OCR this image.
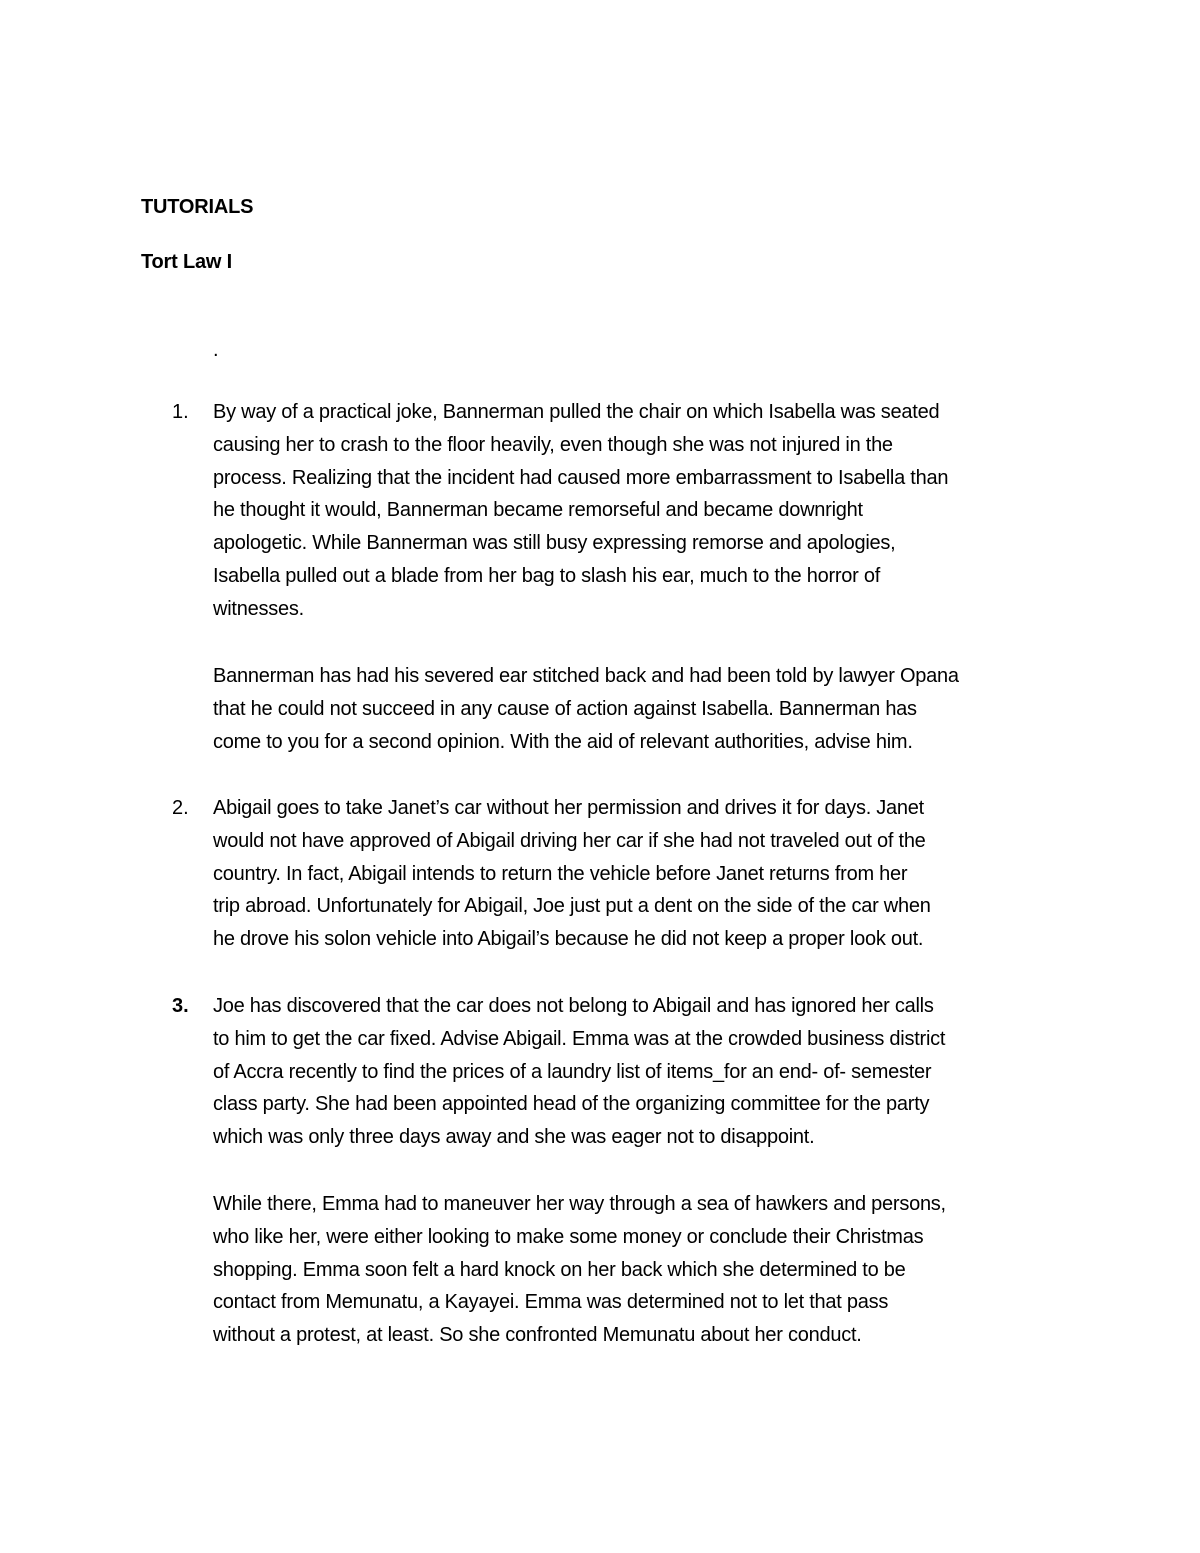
TUTORIALS
Tort Law I
.
1. By way of a practical joke, Bannerman pulled the chair on which Isabella was seated
causing her to crash to the floor heavily, even though she was not injured in the
process. Realizing that the incident had caused more embarrassment to Isabella than
he thought it would, Bannerman became remorseful and became downright
apologetic. While Bannerman was still busy expressing remorse and apologies,
Isabella pulled out a blade from her bag to slash his ear, much to the horror of
witnesses.

Bannerman has had his severed ear stitched back and had been told by lawyer Opana
that he could not succeed in any cause of action against Isabella. Bannerman has
come to you for a second opinion. With the aid of relevant authorities, advise him.

2. Abigail goes to take Janet’s car without her permission and drives it for days. Janet
would not have approved of Abigail driving her car if she had not traveled out of the
country. In fact, Abigail intends to return the vehicle before Janet returns from her
trip abroad. Unfortunately for Abigail, Joe just put a dent on the side of the car when
he drove his solon vehicle into Abigail’s because he did not keep a proper look out.

3. Joe has discovered that the car does not belong to Abigail and has ignored her calls
to him to get the car fixed. Advise Abigail. Emma was at the crowded business district
of Accra recently to find the prices of a laundry list of items_for an end- of- semester
class party. She had been appointed head of the organizing committee for the party
which was only three days away and she was eager not to disappoint.

While there, Emma had to maneuver her way through a sea of hawkers and persons,
who like her, were either looking to make some money or conclude their Christmas
shopping. Emma soon felt a hard knock on her back which she determined to be
contact from Memunatu, a Kayayei. Emma was determined not to let that pass
without a protest, at least. So she confronted Memunatu about her conduct.
